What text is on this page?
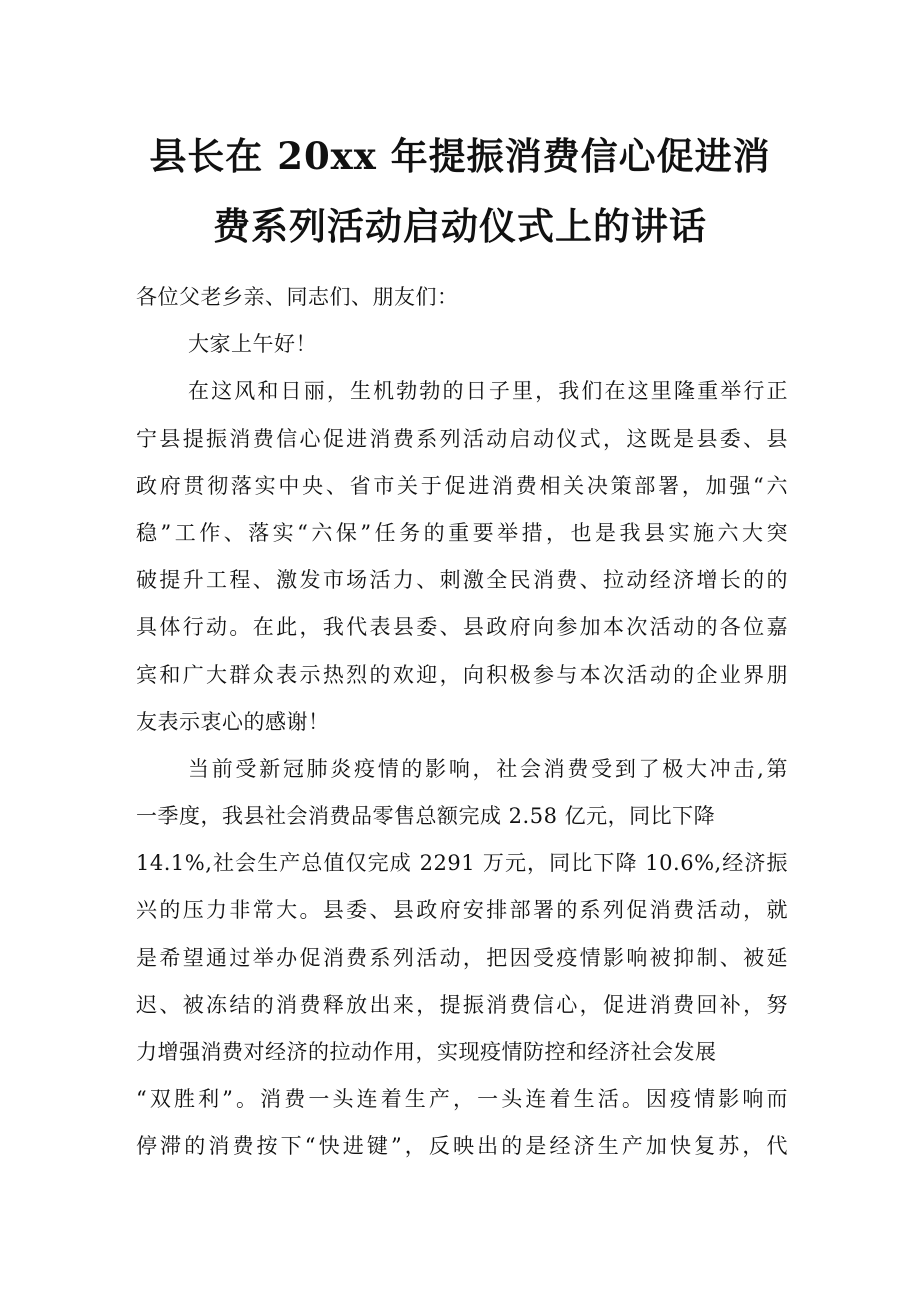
县长在 20xx 年提振消费信心促进消
费系列活动启动仪式上的讲话
各位父老乡亲、同志们、朋友们：
大家上午好！
在这风和日丽，生机勃勃的日子里，我们在这里隆重举行正
宁县提振消费信心促进消费系列活动启动仪式，这既是县委、县
政府贯彻落实中央、省市关于促进消费相关决策部署，加强“六
稳”工作、落实“六保”任务的重要举措，也是我县实施六大突
破提升工程、激发市场活力、刺激全民消费、拉动经济增长的的
具体行动。在此，我代表县委、县政府向参加本次活动的各位嘉
宾和广大群众表示热烈的欢迎，向积极参与本次活动的企业界朋
友表示衷心的感谢！
当前受新冠肺炎疫情的影响，社会消费受到了极大冲击,第
一季度，我县社会消费品零售总额完成 2.58 亿元，同比下降
14.1%,社会生产总值仅完成 2291 万元，同比下降 10.6%,经济振
兴的压力非常大。县委、县政府安排部署的系列促消费活动，就
是希望通过举办促消费系列活动，把因受疫情影响被抑制、被延
迟、被冻结的消费释放出来，提振消费信心，促进消费回补，努
力增强消费对经济的拉动作用，实现疫情防控和经济社会发展
“双胜利”。消费一头连着生产，一头连着生活。因疫情影响而
停滞的消费按下“快进键”，反映出的是经济生产加快复苏，代
